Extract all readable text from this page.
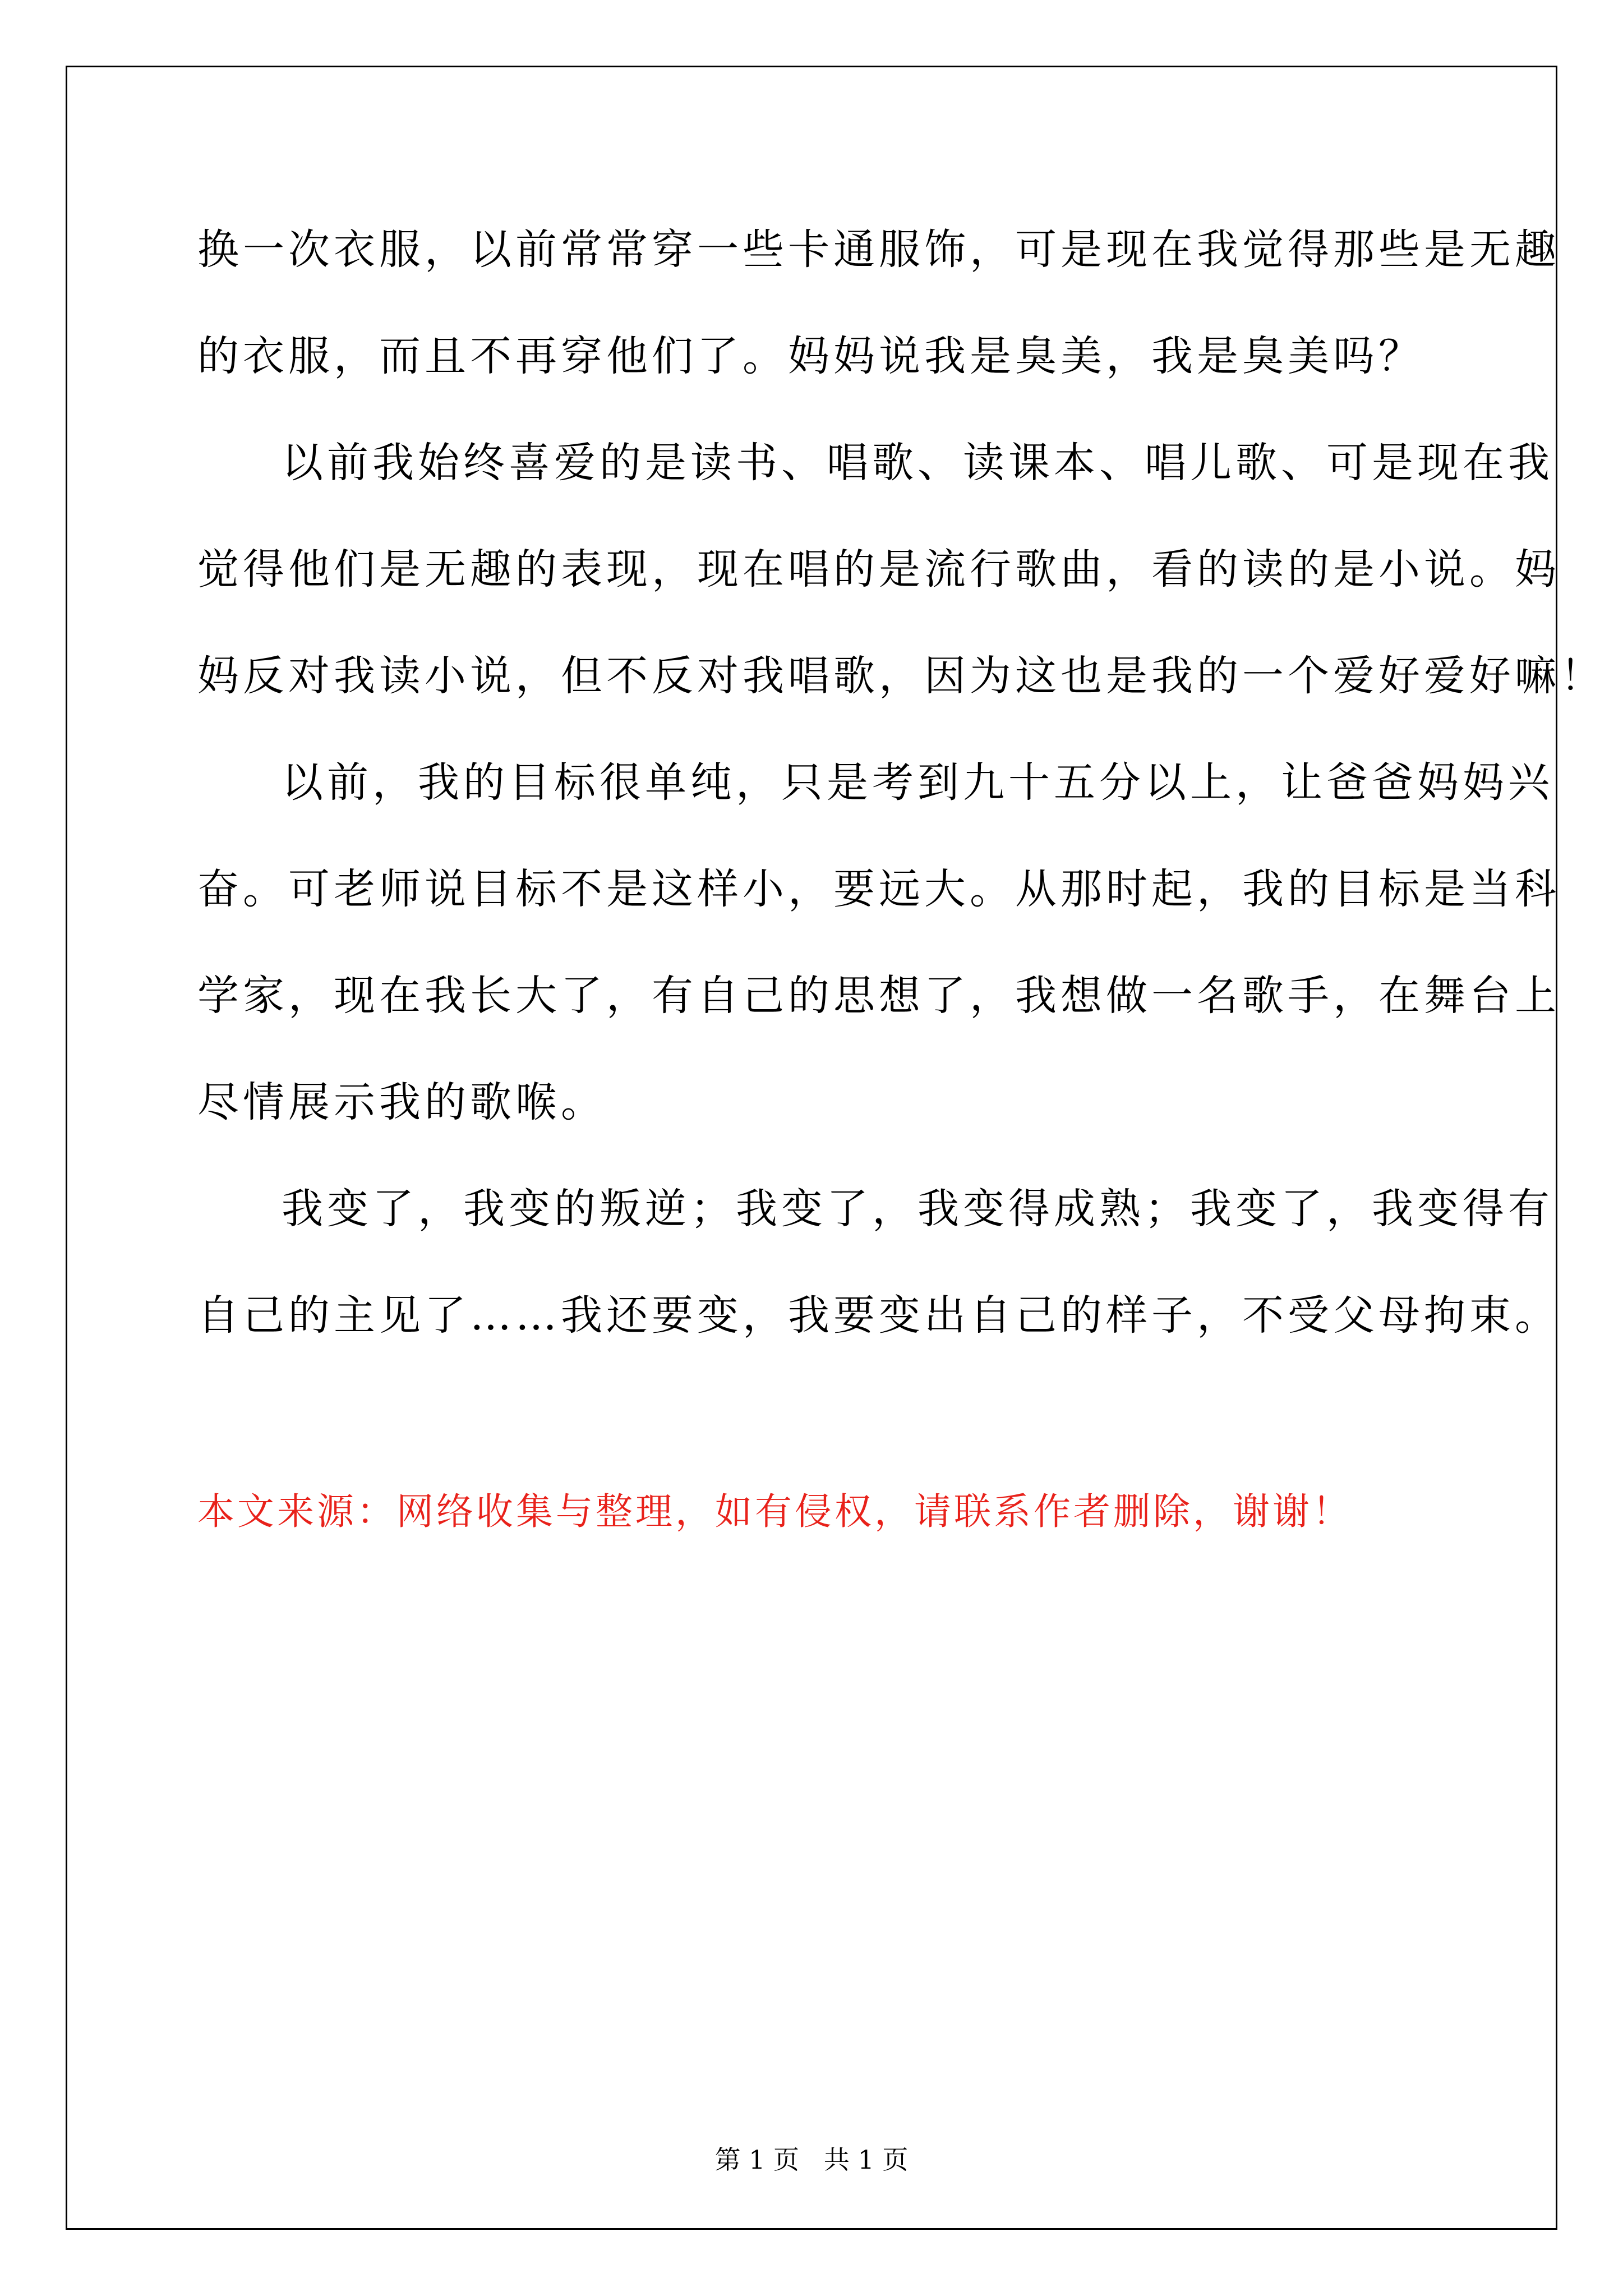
换一次衣服，以前常常穿一些卡通服饰，可是现在我觉得那些是无趣
的衣服，而且不再穿他们了。妈妈说我是臭美，我是臭美吗？
以前我始终喜爱的是读书、唱歌、读课本、唱儿歌、可是现在我
觉得他们是无趣的表现，现在唱的是流行歌曲，看的读的是小说。妈
妈反对我读小说，但不反对我唱歌，因为这也是我的一个爱好爱好嘛！
以前，我的目标很单纯，只是考到九十五分以上，让爸爸妈妈兴
奋。可老师说目标不是这样小，要远大。从那时起，我的目标是当科
学家，现在我长大了，有自己的思想了，我想做一名歌手，在舞台上
尽情展示我的歌喉。
我变了，我变的叛逆；我变了，我变得成熟；我变了，我变得有
自己的主见了……我还要变，我要变出自己的样子，不受父母拘束。
本文来源：网络收集与整理，如有侵权，请联系作者删除，谢谢！
第 1 页   共 1 页
